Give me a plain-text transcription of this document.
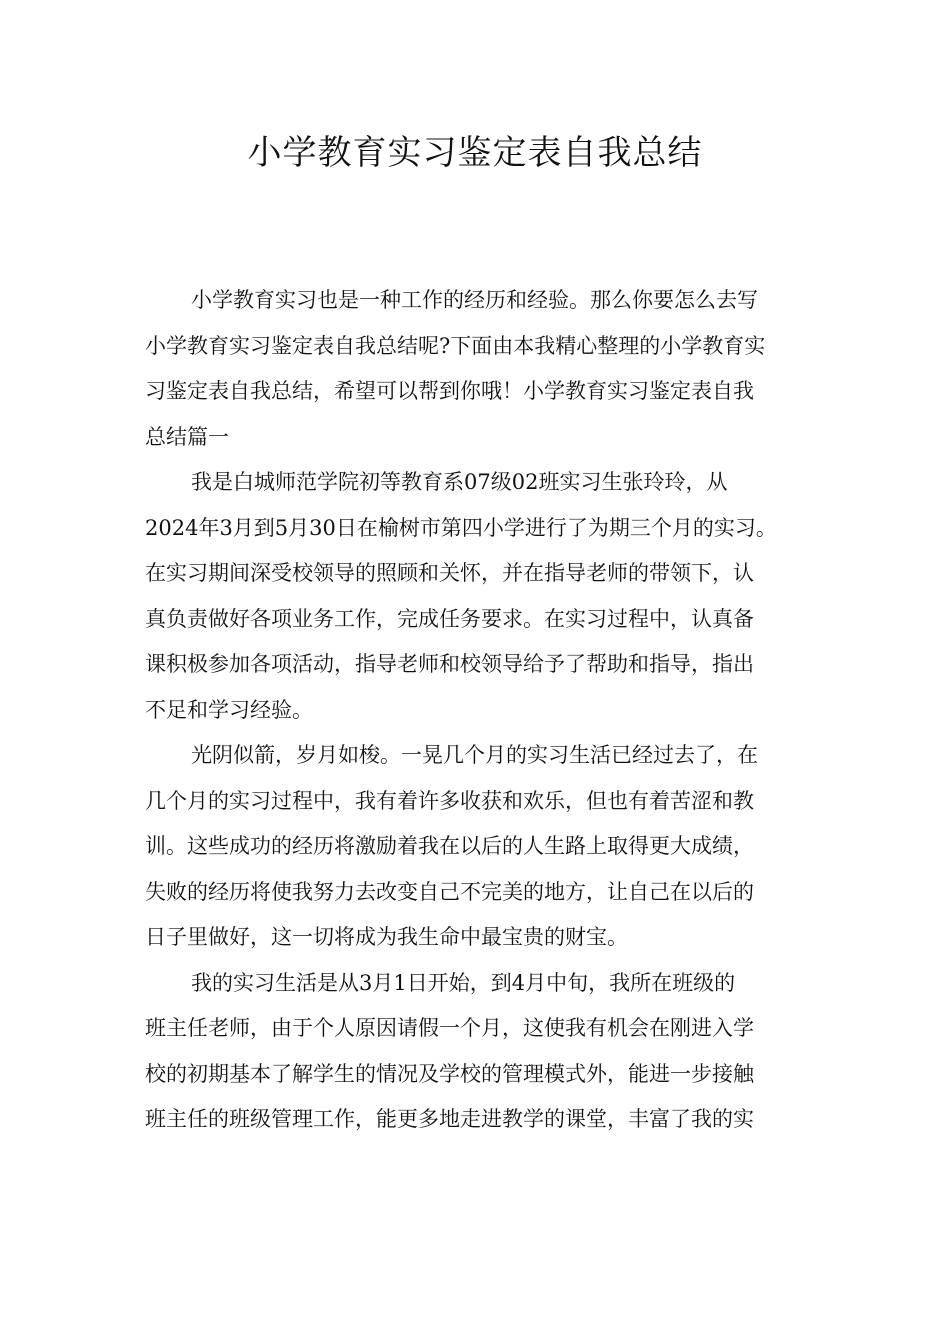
小学教育实习鉴定表自我总结

小学教育实习也是一种工作的经历和经验。那么你要怎么去写
小学教育实习鉴定表自我总结呢?下面由本我精心整理的小学教育实
习鉴定表自我总结，希望可以帮到你哦！小学教育实习鉴定表自我
总结篇一

我是白城师范学院初等教育系07级02班实习生张玲玲，从
2024年3月到5月30日在榆树市第四小学进行了为期三个月的实习。
在实习期间深受校领导的照顾和关怀，并在指导老师的带领下，认
真负责做好各项业务工作，完成任务要求。在实习过程中，认真备
课积极参加各项活动，指导老师和校领导给予了帮助和指导，指出
不足和学习经验。

光阴似箭，岁月如梭。一晃几个月的实习生活已经过去了，在
几个月的实习过程中，我有着许多收获和欢乐，但也有着苦涩和教
训。这些成功的经历将激励着我在以后的人生路上取得更大成绩，
失败的经历将使我努力去改变自己不完美的地方，让自己在以后的
日子里做好，这一切将成为我生命中最宝贵的财宝。

我的实习生活是从3月1日开始，到4月中旬，我所在班级的
班主任老师，由于个人原因请假一个月，这使我有机会在刚进入学
校的初期基本了解学生的情况及学校的管理模式外，能进一步接触
班主任的班级管理工作，能更多地走进教学的课堂，丰富了我的实
